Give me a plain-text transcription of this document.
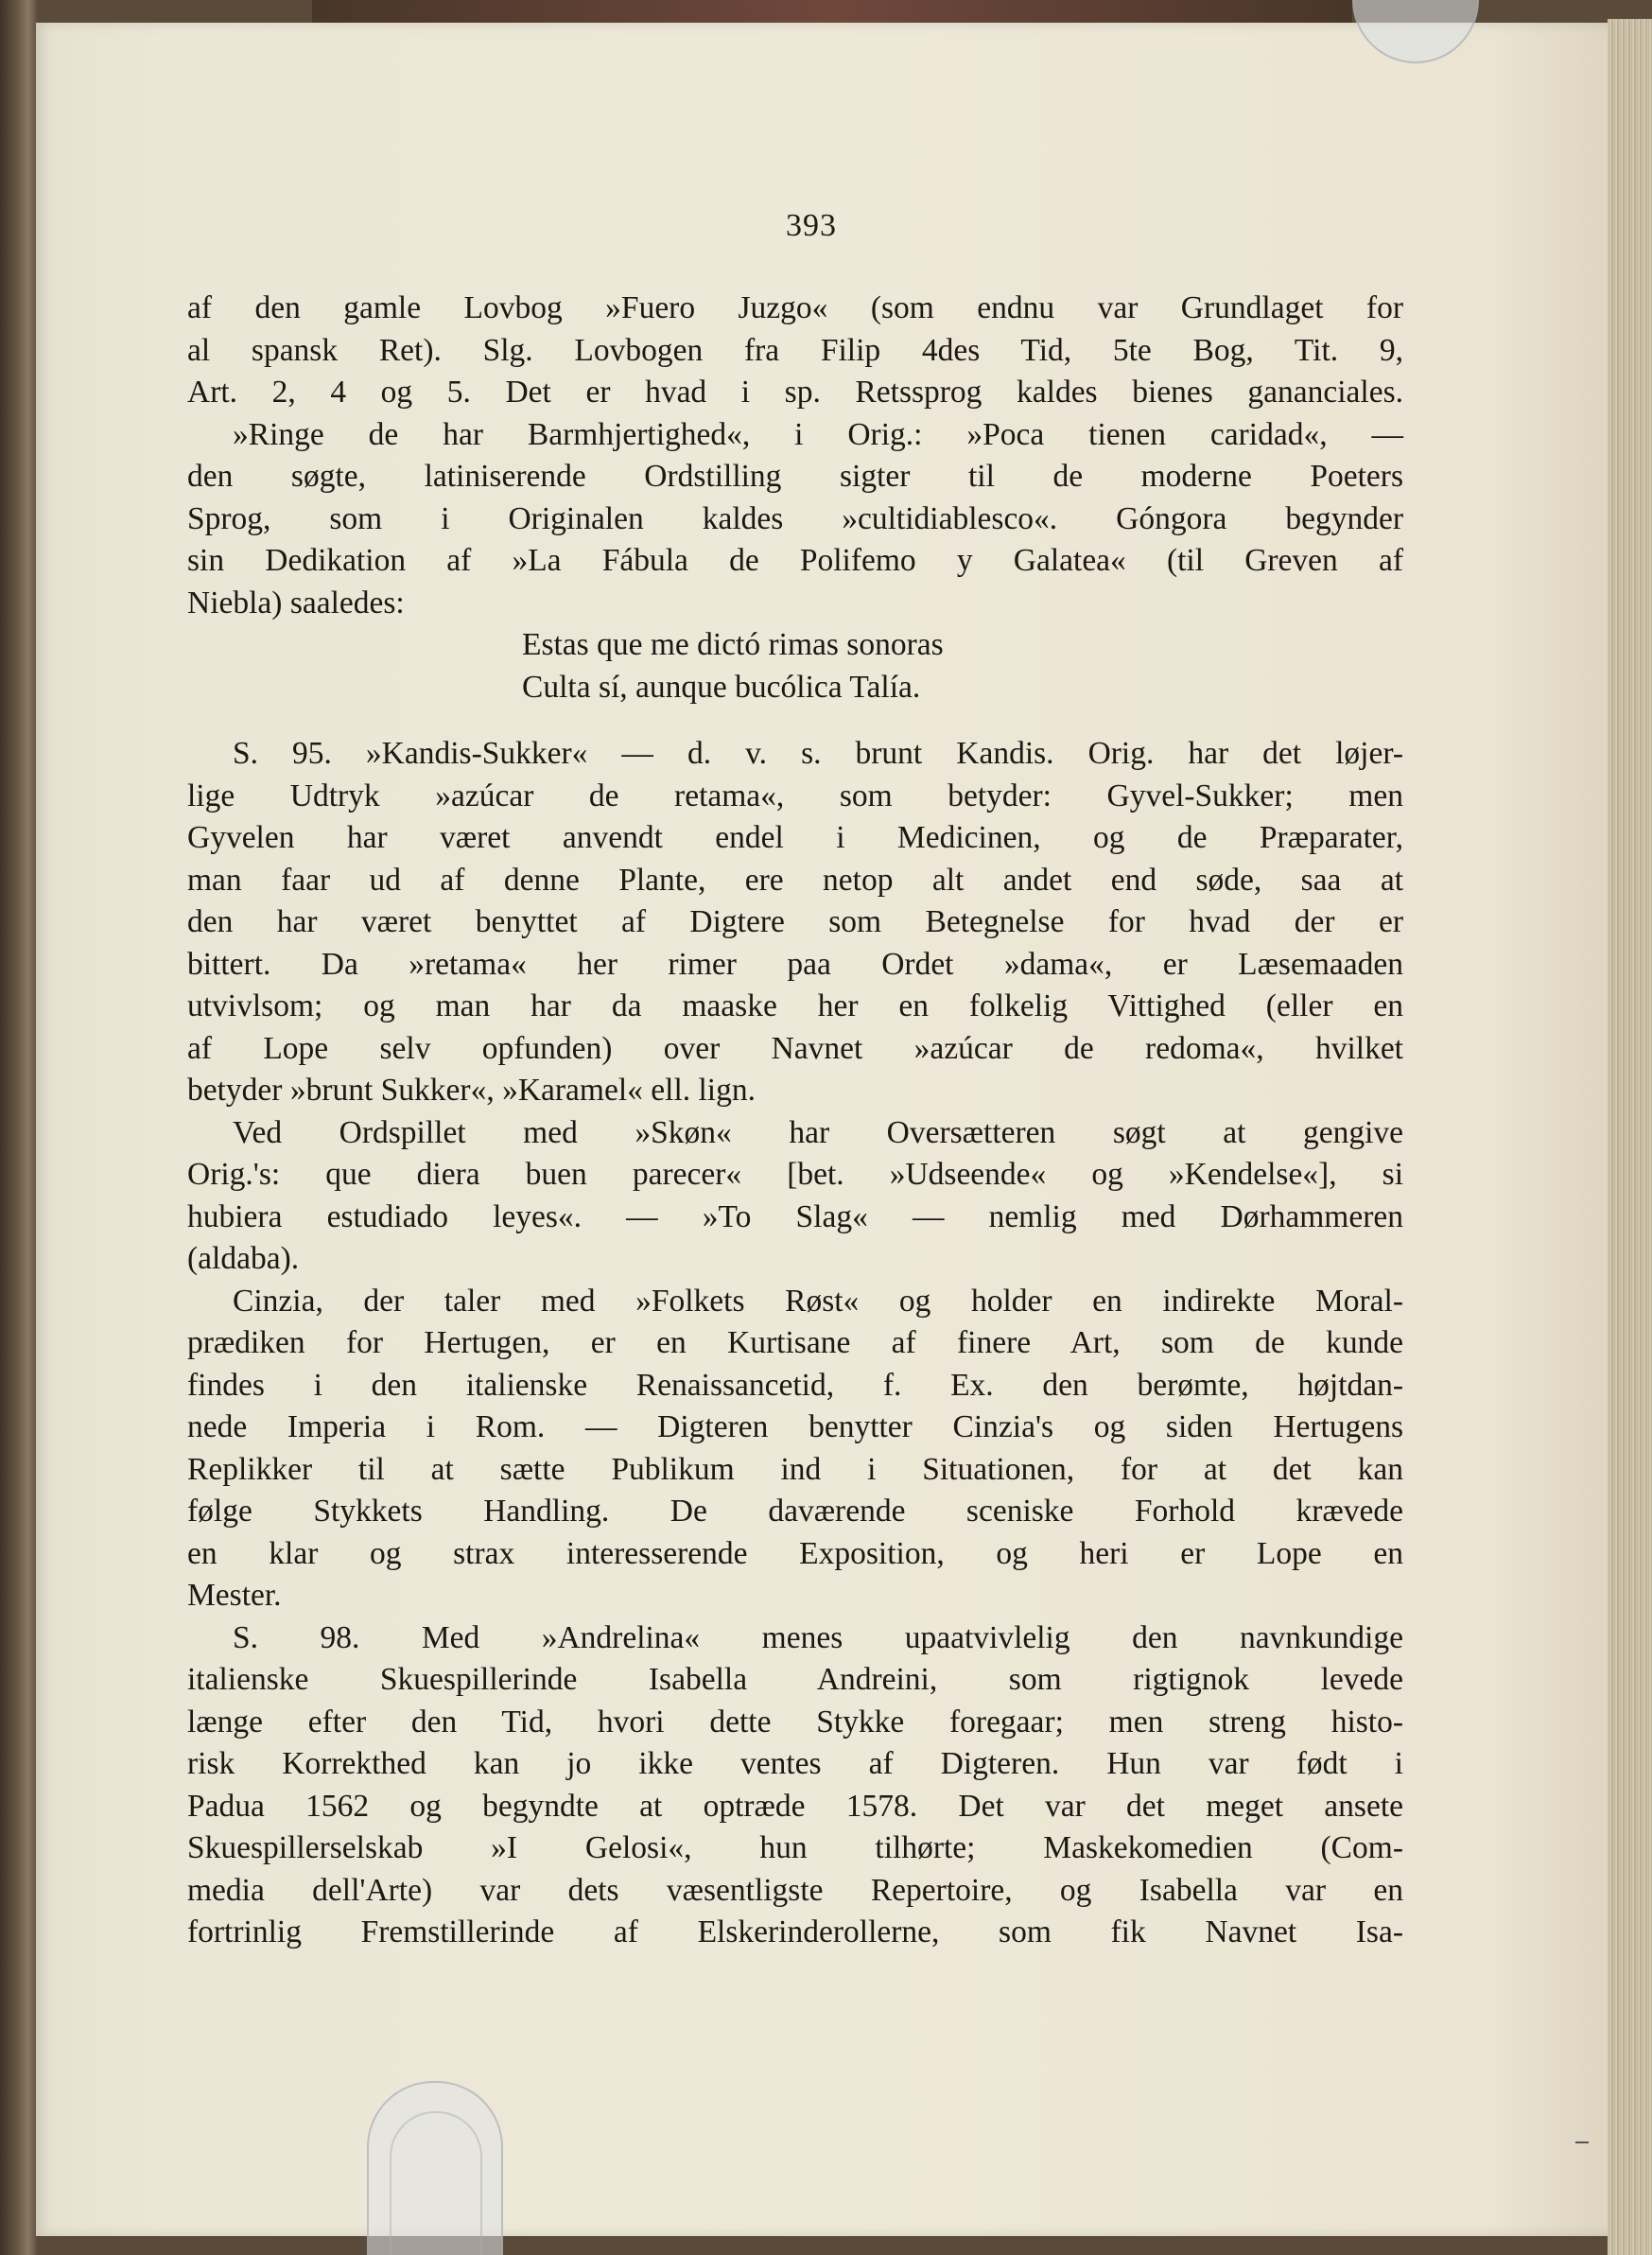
393
af den gamle Lovbog »Fuero Juzgo« (som endnu var Grundlaget for
al spansk Ret). Slg. Lovbogen fra Filip 4des Tid, 5te Bog, Tit. 9,
Art. 2, 4 og 5. Det er hvad i sp. Retssprog kaldes bienes gananciales.
»Ringe de har Barmhjertighed«, i Orig.: »Poca tienen caridad«, —
den søgte, latiniserende Ordstilling sigter til de moderne Poeters
Sprog, som i Originalen kaldes »cultidiablesco«. Góngora begynder
sin Dedikation af »La Fábula de Polifemo y Galatea« (til Greven af
Niebla) saaledes:
Estas que me dictó rimas sonoras
Culta sí, aunque bucólica Talía.
S. 95. »Kandis-Sukker« — d. v. s. brunt Kandis. Orig. har det løjer-
lige Udtryk »azúcar de retama«, som betyder: Gyvel-Sukker; men
Gyvelen har været anvendt endel i Medicinen, og de Præparater,
man faar ud af denne Plante, ere netop alt andet end søde, saa at
den har været benyttet af Digtere som Betegnelse for hvad der er
bittert. Da »retama« her rimer paa Ordet »dama«, er Læsemaaden
utvivlsom; og man har da maaske her en folkelig Vittighed (eller en
af Lope selv opfunden) over Navnet »azúcar de redoma«, hvilket
betyder »brunt Sukker«, »Karamel« ell. lign.
Ved Ordspillet med »Skøn« har Oversætteren søgt at gengive
Orig.'s: que diera buen parecer« [bet. »Udseende« og »Kendelse«], si
hubiera estudiado leyes«. — »To Slag« — nemlig med Dørhammeren
(aldaba).
Cinzia, der taler med »Folkets Røst« og holder en indirekte Moral-
prædiken for Hertugen, er en Kurtisane af finere Art, som de kunde
findes i den italienske Renaissancetid, f. Ex. den berømte, højtdan-
nede Imperia i Rom. — Digteren benytter Cinzia's og siden Hertugens
Replikker til at sætte Publikum ind i Situationen, for at det kan
følge Stykkets Handling. De daværende sceniske Forhold krævede
en klar og strax interesserende Exposition, og heri er Lope en
Mester.
S. 98. Med »Andrelina« menes upaatvivlelig den navnkundige
italienske Skuespillerinde Isabella Andreini, som rigtignok levede
længe efter den Tid, hvori dette Stykke foregaar; men streng histo-
risk Korrekthed kan jo ikke ventes af Digteren. Hun var født i
Padua 1562 og begyndte at optræde 1578. Det var det meget ansete
Skuespillerselskab »I Gelosi«, hun tilhørte; Maskekomedien (Com-
media dell'Arte) var dets væsentligste Repertoire, og Isabella var en
fortrinlig Fremstillerinde af Elskerinderollerne, som fik Navnet Isa-
